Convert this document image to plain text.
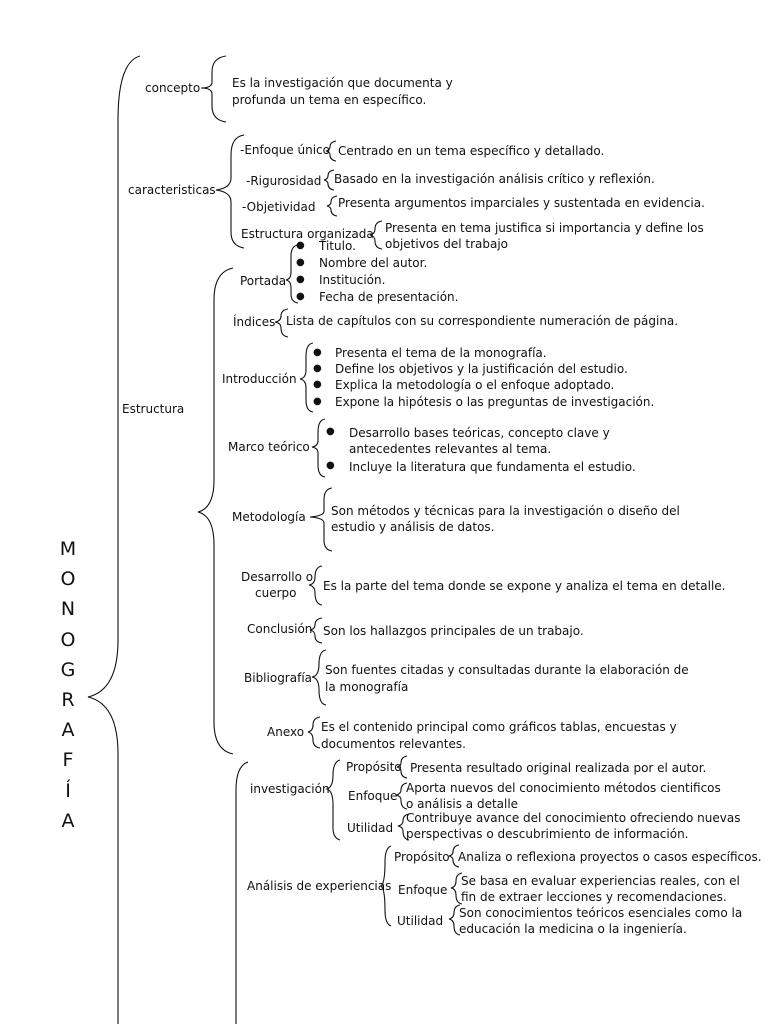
M
O
N
O
G
R
A
F
Í
A
concepto	Es la investigación que documenta y
profunda un tema en específico.
caracteristicas
-Enfoque único Centrado en un tema específico y detallado.
-Rigurosidad Basado en la investigación análisis crítico y reflexión.
-Objetividad Presenta argumentos imparciales y sustentada en evidencia.
Estructura organizada Presenta en tema justifica si importancia y define los
objetivos del trabajo
Estructura
Portada
● Titulo.
● Nombre del autor.
● Institución.
● Fecha de presentación.
Índices Lista de capítulos con su correspondiente numeración de página.
Introducción
● Presenta el tema de la monografía.
● Define los objetivos y la justificación del estudio.
● Explica la metodología o el enfoque adoptado.
● Expone la hipótesis o las preguntas de investigación.
Marco teórico
● Desarrollo bases teóricas, concepto clave y
antecedentes relevantes al tema.
● Incluye la literatura que fundamenta el estudio.
Metodología Son métodos y técnicas para la investigación o diseño del
estudio y análisis de datos.
Desarrollo o
cuerpo Es la parte del tema donde se expone y analiza el tema en detalle.
Conclusión Son los hallazgos principales de un trabajo.
Bibliografía
Son fuentes citadas y consultadas durante la elaboración de
la monografía
Anexo Es el contenido principal como gráficos tablas, encuestas y
documentos relevantes.
investigación
Propósito Presenta resultado original realizada por el autor.
Enfoque
Aporta nuevos del conocimiento métodos cientificos
o análisis a detalle
Utilidad
Contribuye avance del conocimiento ofreciendo nuevas
perspectivas o descubrimiento de información.
Análisis de experiencias
Propósito Analiza o reflexiona proyectos o casos específicos.
Enfoque
Se basa en evaluar experiencias reales, con el
fin de extraer lecciones y recomendaciones.
Utilidad
Son conocimientos teóricos esenciales como la
educación la medicina o la ingeniería.
